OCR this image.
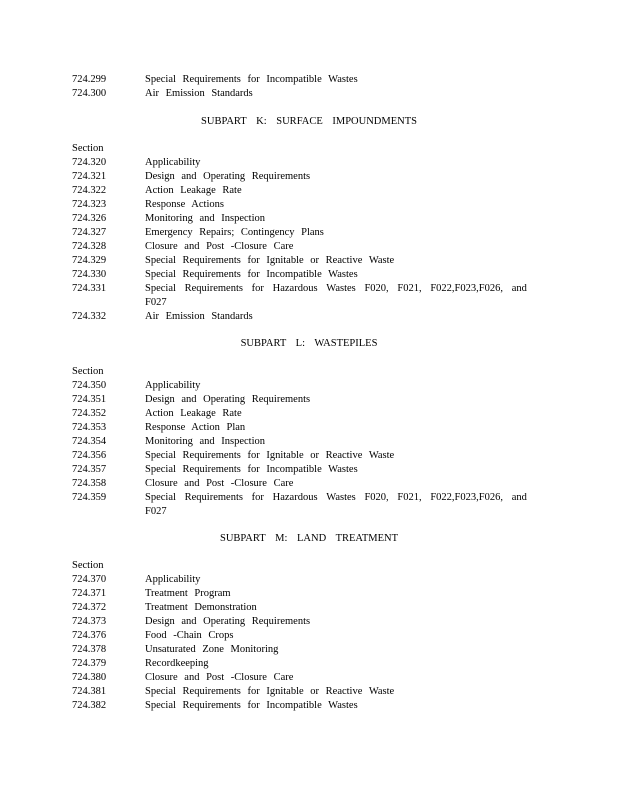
724.299	Special Requirements for Incompatible Wastes
724.300	Air Emission Standards
SUBPART K: SURFACE IMPOUNDMENTS
Section
724.320	Applicability
724.321	Design and Operating Requirements
724.322	Action Leakage Rate
724.323	Response Actions
724.326	Monitoring and Inspection
724.327	Emergency Repairs; Contingency Plans
724.328	Closure and Post -Closure Care
724.329	Special Requirements for Ignitable or Reactive Waste
724.330	Special Requirements for Incompatible Wastes
724.331	Special Requirements for Hazardous Wastes F020, F021, F022,F023,F026, and
F027
724.332	Air Emission Standards
SUBPART L: WASTEPILES
Section
724.350	Applicability
724.351	Design and Operating Requirements
724.352	Action Leakage Rate
724.353	Response Action Plan
724.354	Monitoring and Inspection
724.356	Special Requirements for Ignitable or Reactive Waste
724.357	Special Requirements for Incompatible Wastes
724.358	Closure and Post -Closure Care
724.359	Special Requirements for Hazardous Wastes F020, F021, F022,F023,F026, and
F027
SUBPART M: LAND TREATMENT
Section
724.370	Applicability
724.371	Treatment Program
724.372	Treatment Demonstration
724.373	Design and Operating Requirements
724.376	Food -Chain Crops
724.378	Unsaturated Zone Monitoring
724.379	Recordkeeping
724.380	Closure and Post -Closure Care
724.381	Special Requirements for Ignitable or Reactive Waste
724.382	Special Requirements for Incompatible Wastes
